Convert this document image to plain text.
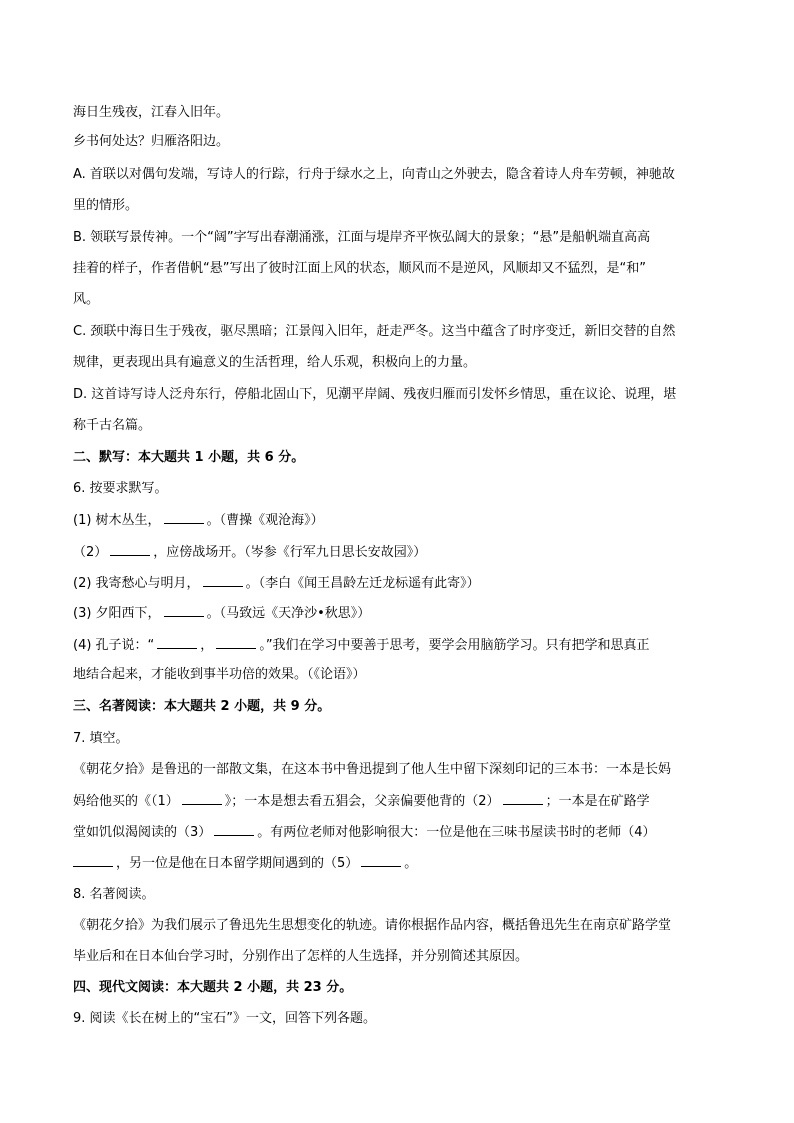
海日生残夜，江春入旧年。
乡书何处达？归雁洛阳边。
A. 首联以对偶句发端，写诗人的行踪，行舟于绿水之上，向青山之外驶去，隐含着诗人舟车劳顿，神驰故
里的情形。
B. 领联写景传神。一个“阔”字写出春潮涌涨，江面与堤岸齐平恢弘阔大的景象；“悬”是船帆端直高高
挂着的样子，作者借帆“悬”写出了彼时江面上风的状态，顺风而不是逆风，风顺却又不猛烈，是“和”
风。
C. 颈联中海日生于残夜，驱尽黑暗；江景闯入旧年，赶走严冬。这当中蕴含了时序变迁，新旧交替的自然
规律，更表现出具有遍意义的生活哲理，给人乐观，积极向上的力量。
D. 这首诗写诗人泛舟东行，停船北固山下，见潮平岸阔、残夜归雁而引发怀乡情思，重在议论、说理，堪
称千古名篇。
二、默写：本大题共 1 小题，共 6 分。
6. 按要求默写。
(1) 树木丛生，	。（曹操《观沧海》）
（2）	，应傍战场开。（岑参《行军九日思长安故园》）
(2) 我寄愁心与明月，	。（李白《闻王昌龄左迁龙标遥有此寄》）
(3) 夕阳西下，	。（马致远《天净沙•秋思》）
(4) 孔子说：“	，	。”我们在学习中要善于思考，要学会用脑筋学习。只有把学和思真正
地结合起来，才能收到事半功倍的效果。（《论语》）
三、名著阅读：本大题共 2 小题，共 9 分。
7. 填空。
《朝花夕拾》是鲁迅的一部散文集，在这本书中鲁迅提到了他人生中留下深刻印记的三本书：一本是长妈
妈给他买的《（1）	》；一本是想去看五猖会，父亲偏要他背的（2）	；一本是在矿路学
堂如饥似渴阅读的（3）	。有两位老师对他影响很大：一位是他在三味书屋读书时的老师（4）
，另一位是他在日本留学期间遇到的（5）	。
8. 名著阅读。
《朝花夕拾》为我们展示了鲁迅先生思想变化的轨迹。请你根据作品内容，概括鲁迅先生在南京矿路学堂
毕业后和在日本仙台学习时，分别作出了怎样的人生选择，并分别简述其原因。
四、现代文阅读：本大题共 2 小题，共 23 分。
9. 阅读《长在树上的“宝石”》一文，回答下列各题。
